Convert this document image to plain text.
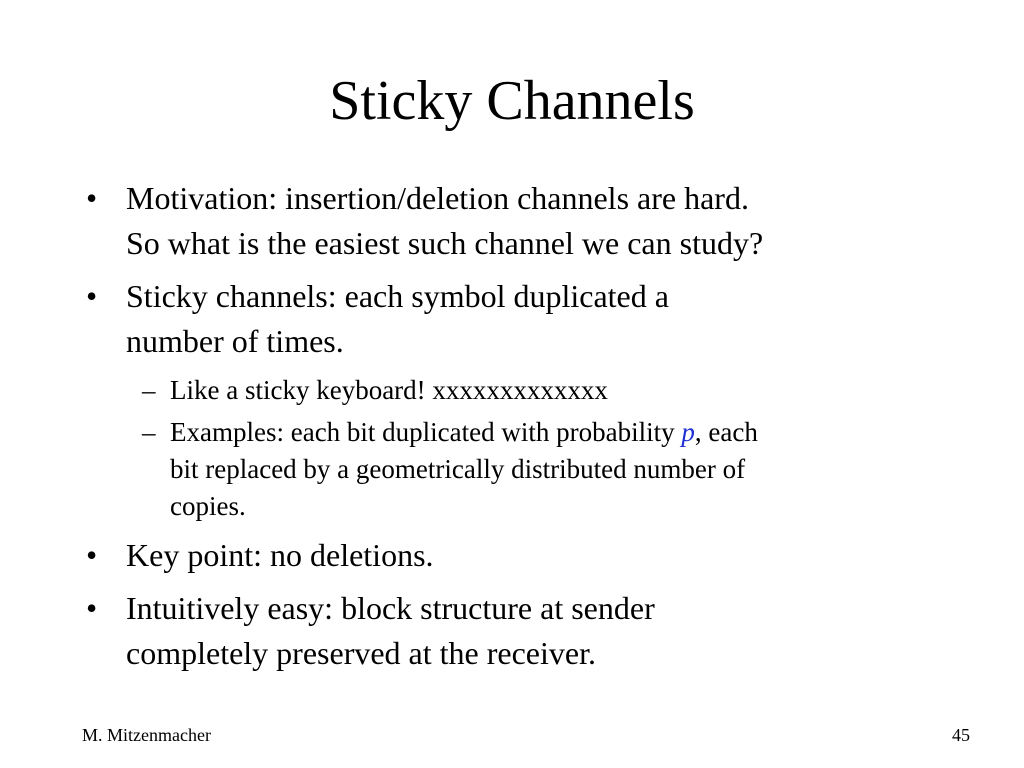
Sticky Channels
• Motivation: insertion/deletion channels are hard.
So what is the easiest such channel we can study?
• Sticky channels: each symbol duplicated a
number of times.
– Like a sticky keyboard! xxxxxxxxxxxxx
– Examples: each bit duplicated with probability p, each
bit replaced by a geometrically distributed number of
copies.
• Key point: no deletions.
• Intuitively easy: block structure at sender
completely preserved at the receiver.
M. Mitzenmacher	45
